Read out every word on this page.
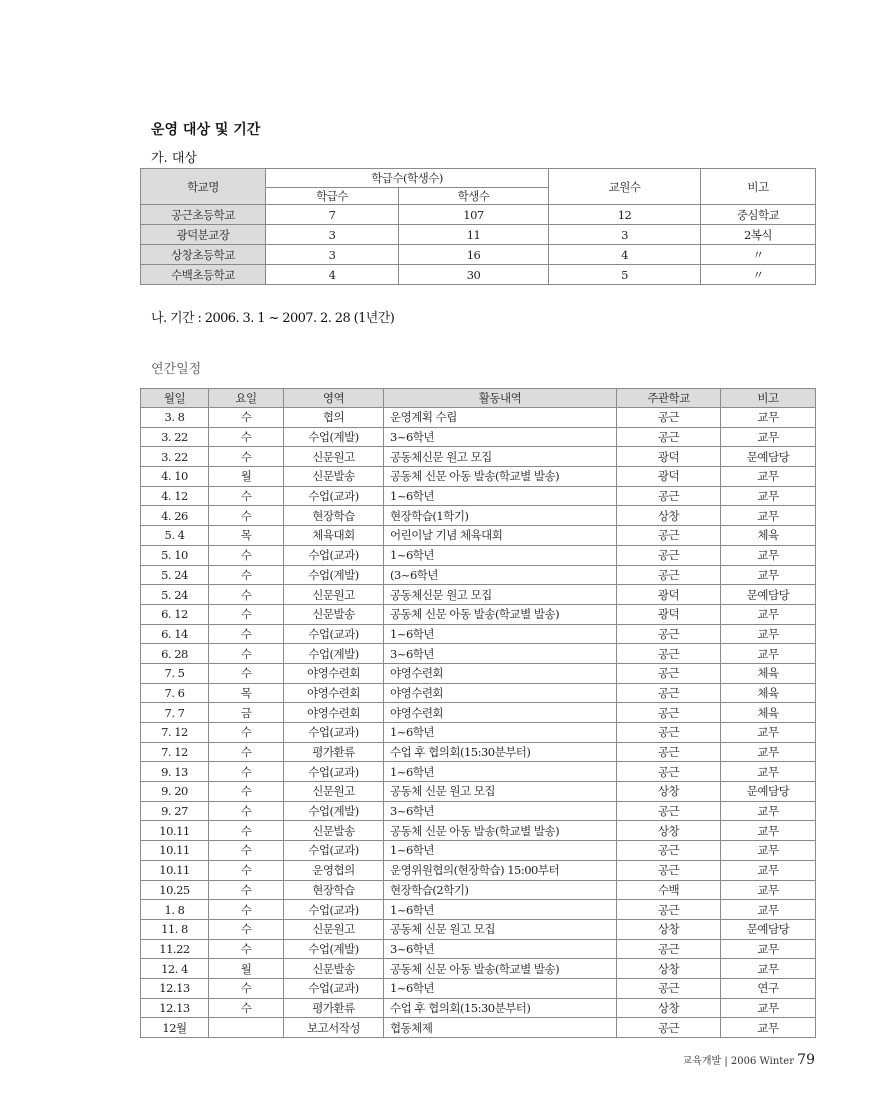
운영 대상 및 기간
가. 대상
학교명	학급수(학생수)		교원수	비고
	학급수	학생수		
공근초등학교	7	107	12	중심학교
광덕분교장	3	11	3	2복식
상창초등학교	3	16	4	〃
수백초등학교	4	30	5	〃
나. 기간 : 2006. 3. 1 ~ 2007. 2. 28 (1년간)
연간일정
월일	요일	영역	활동내역	주관학교	비고
3. 8	수	협의	운영계획 수립	공근	교무
3. 22	수	수업(계발)	3~6학년	공근	교무
3. 22	수	신문원고	공동체신문 원고 모집	광덕	문예담당
4. 10	월	신문발송	공동체 신문 아동 발송(학교별 발송)	광덕	교무
4. 12	수	수업(교과)	1~6학년	공근	교무
4. 26	수	현장학습	현장학습(1학기)	상창	교무
5. 4	목	체육대회	어린이날 기념 체육대회	공근	체육
5. 10	수	수업(교과)	1~6학년	공근	교무
5. 24	수	수업(계발)	(3~6학년	공근	교무
5. 24	수	신문원고	공동체신문 원고 모집	광덕	문예담당
6. 12	수	신문발송	공동체 신문 아동 발송(학교별 발송)	광덕	교무
6. 14	수	수업(교과)	1~6학년	공근	교무
6. 28	수	수업(계발)	3~6학년	공근	교무
7. 5	수	야영수련회	야영수련회	공근	체육
7. 6	목	야영수련회	야영수련회	공근	체육
7. 7	금	야영수련회	야영수련회	공근	체육
7. 12	수	수업(교과)	1~6학년	공근	교무
7. 12	수	평가환류	수업 후 협의회(15:30분부터)	공근	교무
9. 13	수	수업(교과)	1~6학년	공근	교무
9. 20	수	신문원고	공동체 신문 원고 모집	상창	문예담당
9. 27	수	수업(계발)	3~6학년	공근	교무
10.11	수	신문발송	공동체 신문 아동 발송(학교별 발송)	상창	교무
10.11	수	수업(교과)	1~6학년	공근	교무
10.11	수	운영협의	운영위원협의(현장학습) 15:00부터	공근	교무
10.25	수	현장학습	현장학습(2학기)	수백	교무
1. 8	수	수업(교과)	1~6학년	공근	교무
11. 8	수	신문원고	공동체 신문 원고 모집	상창	문예담당
11.22	수	수업(계발)	3~6학년	공근	교무
12. 4	월	신문발송	공동체 신문 아동 발송(학교별 발송)	상창	교무
12.13	수	수업(교과)	1~6학년	공근	연구
12.13	수	평가환류	수업 후 협의회(15:30분부터)	상창	교무
12월		보고서작성	협동체제	공근	교무
교육개발 | 2006 Winter 79
